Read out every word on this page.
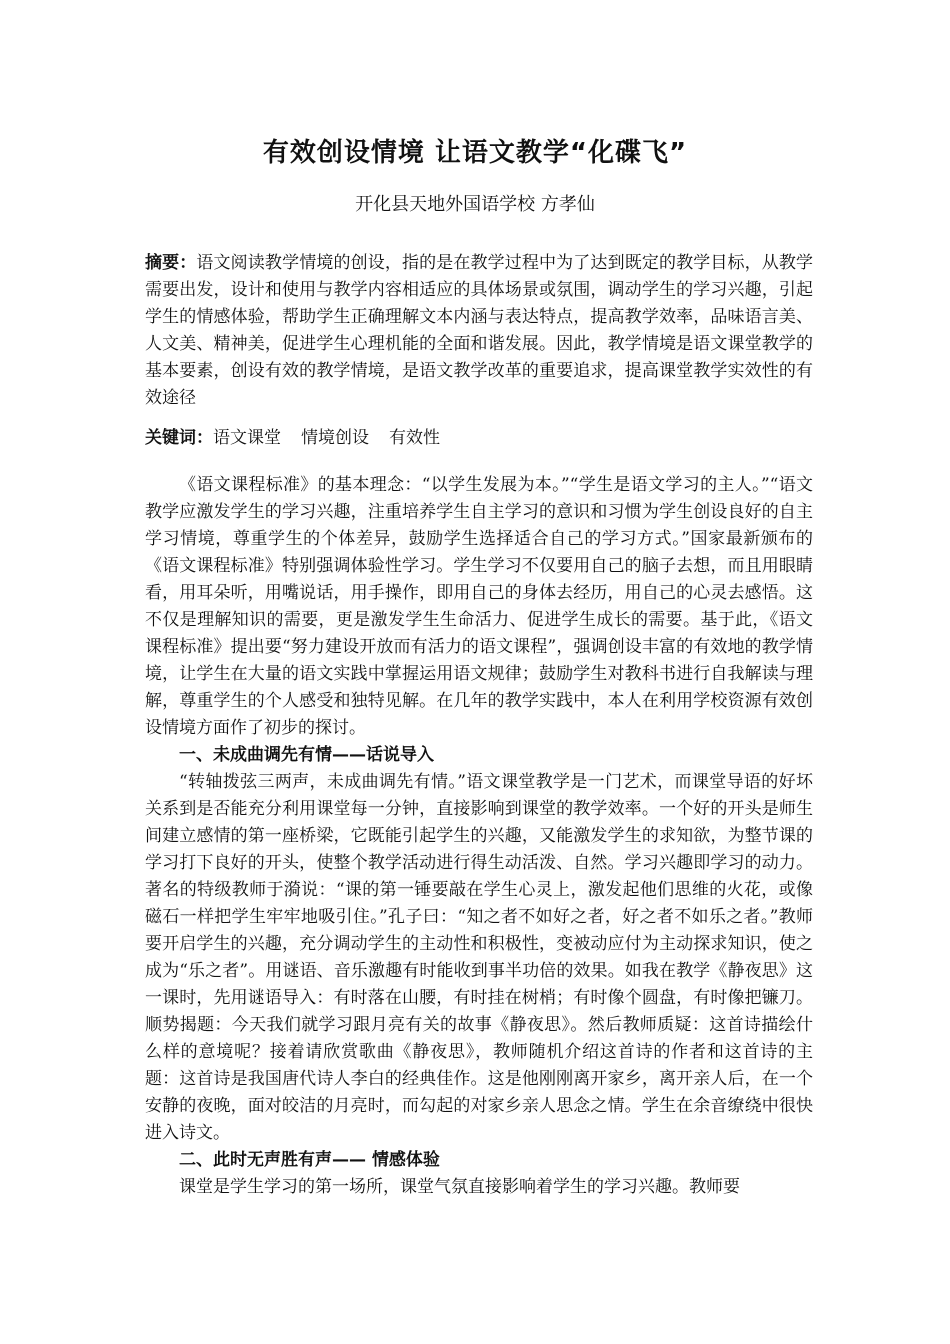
有效创设情境 让语文教学“化碟飞”
开化县天地外国语学校 方孝仙

摘要：语文阅读教学情境的创设，指的是在教学过程中为了达到既定的教学目标，从教学需要出发，设计和使用与教学内容相适应的具体场景或氛围，调动学生的学习兴趣，引起学生的情感体验，帮助学生正确理解文本内涵与表达特点，提高教学效率，品味语言美、人文美、精神美，促进学生心理机能的全面和谐发展。因此，教学情境是语文课堂教学的基本要素，创设有效的教学情境，是语文教学改革的重要追求，提高课堂教学实效性的有效途径

关键词：语文课堂 情境创设 有效性

《语文课程标准》的基本理念：“以学生发展为本。”“学生是语文学习的主人。”“语文教学应激发学生的学习兴趣，注重培养学生自主学习的意识和习惯为学生创设良好的自主学习情境，尊重学生的个体差异，鼓励学生选择适合自己的学习方式。”国家最新颁布的《语文课程标准》特别强调体验性学习。学生学习不仅要用自己的脑子去想，而且用眼睛看，用耳朵听，用嘴说话，用手操作，即用自己的身体去经历，用自己的心灵去感悟。这不仅是理解知识的需要，更是激发学生生命活力、促进学生成长的需要。基于此，《语文课程标准》提出要“努力建设开放而有活力的语文课程”，强调创设丰富的有效地的教学情境，让学生在大量的语文实践中掌握运用语文规律；鼓励学生对教科书进行自我解读与理解，尊重学生的个人感受和独特见解。在几年的教学实践中，本人在利用学校资源有效创设情境方面作了初步的探讨。

一、未成曲调先有情——话说导入

“转轴拨弦三两声，未成曲调先有情。”语文课堂教学是一门艺术，而课堂导语的好坏关系到是否能充分利用课堂每一分钟，直接影响到课堂的教学效率。一个好的开头是师生间建立感情的第一座桥梁，它既能引起学生的兴趣，又能激发学生的求知欲，为整节课的学习打下良好的开头，使整个教学活动进行得生动活泼、自然。学习兴趣即学习的动力。著名的特级教师于漪说：“课的第一锤要敲在学生心灵上，激发起他们思维的火花，或像磁石一样把学生牢牢地吸引住。”孔子曰：“知之者不如好之者，好之者不如乐之者。”教师要开启学生的兴趣，充分调动学生的主动性和积极性，变被动应付为主动探求知识，使之成为“乐之者”。用谜语、音乐激趣有时能收到事半功倍的效果。如我在教学《静夜思》这一课时，先用谜语导入：有时落在山腰，有时挂在树梢；有时像个圆盘，有时像把镰刀。顺势揭题：今天我们就学习跟月亮有关的故事《静夜思》。然后教师质疑：这首诗描绘什么样的意境呢？接着请欣赏歌曲《静夜思》，教师随机介绍这首诗的作者和这首诗的主题：这首诗是我国唐代诗人李白的经典佳作。这是他刚刚离开家乡，离开亲人后，在一个安静的夜晚，面对皎洁的月亮时，而勾起的对家乡亲人思念之情。学生在余音缭绕中很快进入诗文。

二、此时无声胜有声—— 情感体验

课堂是学生学习的第一场所，课堂气氛直接影响着学生的学习兴趣。教师要
